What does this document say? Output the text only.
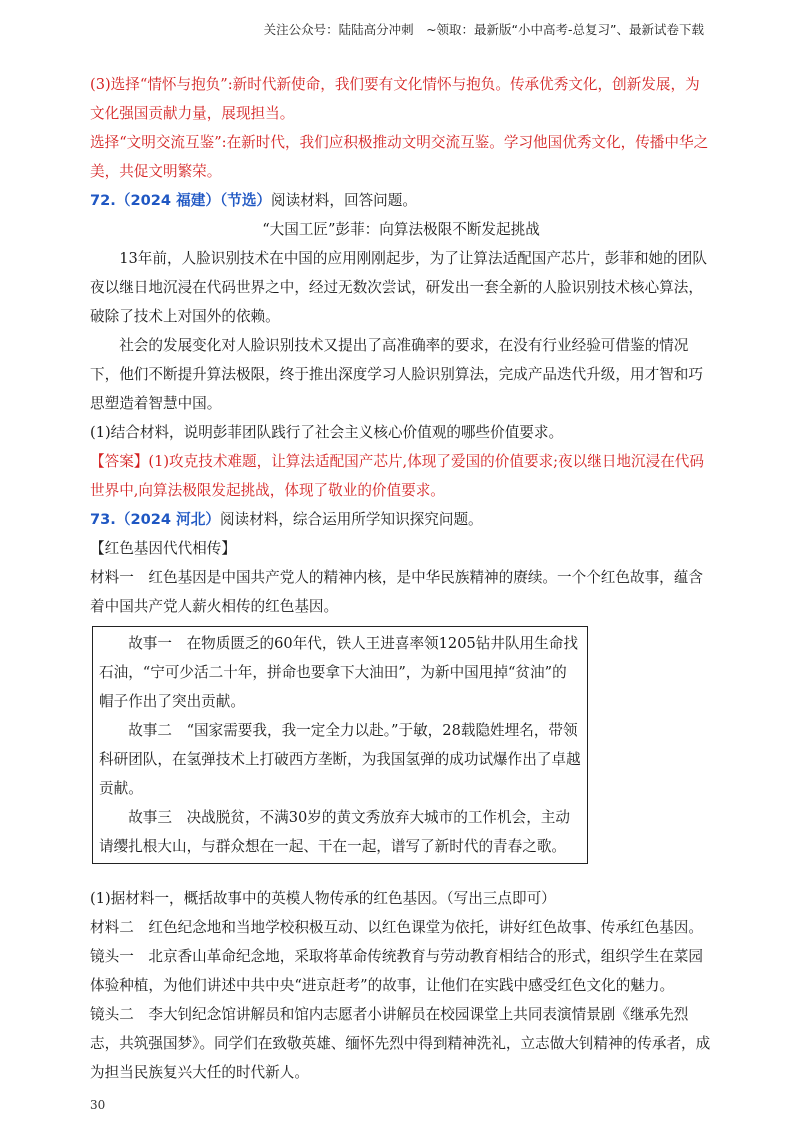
关注公众号：陆陆高分冲刺　~领取：最新版“小中高考-总复习”、最新试卷下载

(3)选择“情怀与抱负”:新时代新使命，我们要有文化情怀与抱负。传承优秀文化，创新发展，为文化强国贡献力量，展现担当。

选择“文明交流互鉴”:在新时代，我们应积极推动文明交流互鉴。学习他国优秀文化，传播中华之美，共促文明繁荣。

72.（2024 福建）（节选）阅读材料，回答问题。

“大国工匠”彭菲：向算法极限不断发起挑战

13年前，人脸识别技术在中国的应用刚刚起步，为了让算法适配国产芯片，彭菲和她的团队夜以继日地沉浸在代码世界之中，经过无数次尝试，研发出一套全新的人脸识别技术核心算法，破除了技术上对国外的依赖。

社会的发展变化对人脸识别技术又提出了高准确率的要求，在没有行业经验可借鉴的情况下，他们不断提升算法极限，终于推出深度学习人脸识别算法，完成产品迭代升级，用才智和巧思塑造着智慧中国。

(1)结合材料，说明彭菲团队践行了社会主义核心价值观的哪些价值要求。

【答案】(1)攻克技术难题，让算法适配国产芯片,体现了爱国的价值要求;夜以继日地沉浸在代码世界中,向算法极限发起挑战，体现了敬业的价值要求。

73.（2024 河北）阅读材料，综合运用所学知识探究问题。

【红色基因代代相传】

材料一　红色基因是中国共产党人的精神内核，是中华民族精神的赓续。一个个红色故事，蕴含着中国共产党人薪火相传的红色基因。

故事一　在物质匮乏的60年代，铁人王进喜率领1205钻井队用生命找石油，“宁可少活二十年，拼命也要拿下大油田”，为新中国甩掉“贫油”的帽子作出了突出贡献。

故事二　“国家需要我，我一定全力以赴。”于敏，28载隐姓埋名，带领科研团队，在氢弹技术上打破西方垄断，为我国氢弹的成功试爆作出了卓越贡献。

故事三　决战脱贫，不满30岁的黄文秀放弃大城市的工作机会，主动请缨扎根大山，与群众想在一起、干在一起，谱写了新时代的青春之歌。

(1)据材料一，概括故事中的英模人物传承的红色基因。（写出三点即可）

材料二　红色纪念地和当地学校积极互动、以红色课堂为依托，讲好红色故事、传承红色基因。

镜头一　北京香山革命纪念地，采取将革命传统教育与劳动教育相结合的形式，组织学生在菜园体验种植，为他们讲述中共中央“进京赶考”的故事，让他们在实践中感受红色文化的魅力。

镜头二　李大钊纪念馆讲解员和馆内志愿者小讲解员在校园课堂上共同表演情景剧《继承先烈志，共筑强国梦》。同学们在致敬英雄、缅怀先烈中得到精神洗礼，立志做大钊精神的传承者，成为担当民族复兴大任的时代新人。

30
